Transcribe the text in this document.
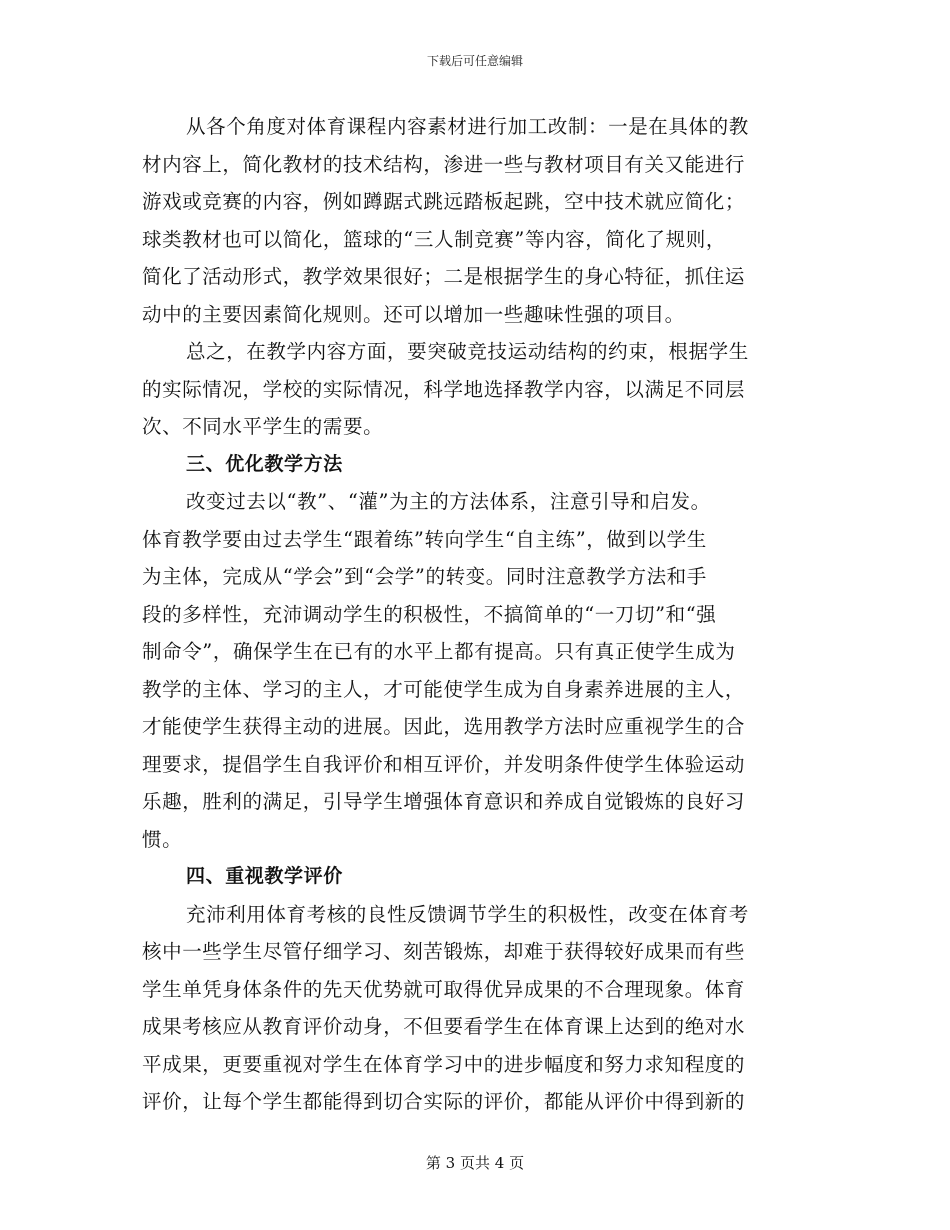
下载后可任意编辑
从各个角度对体育课程内容素材进行加工改制：一是在具体的教
材内容上，简化教材的技术结构，渗进一些与教材项目有关又能进行
游戏或竞赛的内容，例如蹲踞式跳远踏板起跳，空中技术就应简化；
球类教材也可以简化，篮球的“三人制竞赛”等内容，简化了规则，
简化了活动形式，教学效果很好；二是根据学生的身心特征，抓住运
动中的主要因素简化规则。还可以增加一些趣味性强的项目。
总之，在教学内容方面，要突破竞技运动结构的约束，根据学生
的实际情况，学校的实际情况，科学地选择教学内容，以满足不同层
次、不同水平学生的需要。
三、优化教学方法
改变过去以“教”、“灌”为主的方法体系，注意引导和启发。
体育教学要由过去学生“跟着练”转向学生“自主练”，做到以学生
为主体，完成从“学会”到“会学”的转变。同时注意教学方法和手
段的多样性，充沛调动学生的积极性，不搞简单的“一刀切”和“强
制命令”，确保学生在已有的水平上都有提高。只有真正使学生成为
教学的主体、学习的主人，才可能使学生成为自身素养进展的主人，
才能使学生获得主动的进展。因此，选用教学方法时应重视学生的合
理要求，提倡学生自我评价和相互评价，并发明条件使学生体验运动
乐趣，胜利的满足，引导学生增强体育意识和养成自觉锻炼的良好习
惯。
四、重视教学评价
充沛利用体育考核的良性反馈调节学生的积极性，改变在体育考
核中一些学生尽管仔细学习、刻苦锻炼，却难于获得较好成果而有些
学生单凭身体条件的先天优势就可取得优异成果的不合理现象。体育
成果考核应从教育评价动身，不但要看学生在体育课上达到的绝对水
平成果，更要重视对学生在体育学习中的进步幅度和努力求知程度的
评价，让每个学生都能得到切合实际的评价，都能从评价中得到新的
第 3 页共 4 页
